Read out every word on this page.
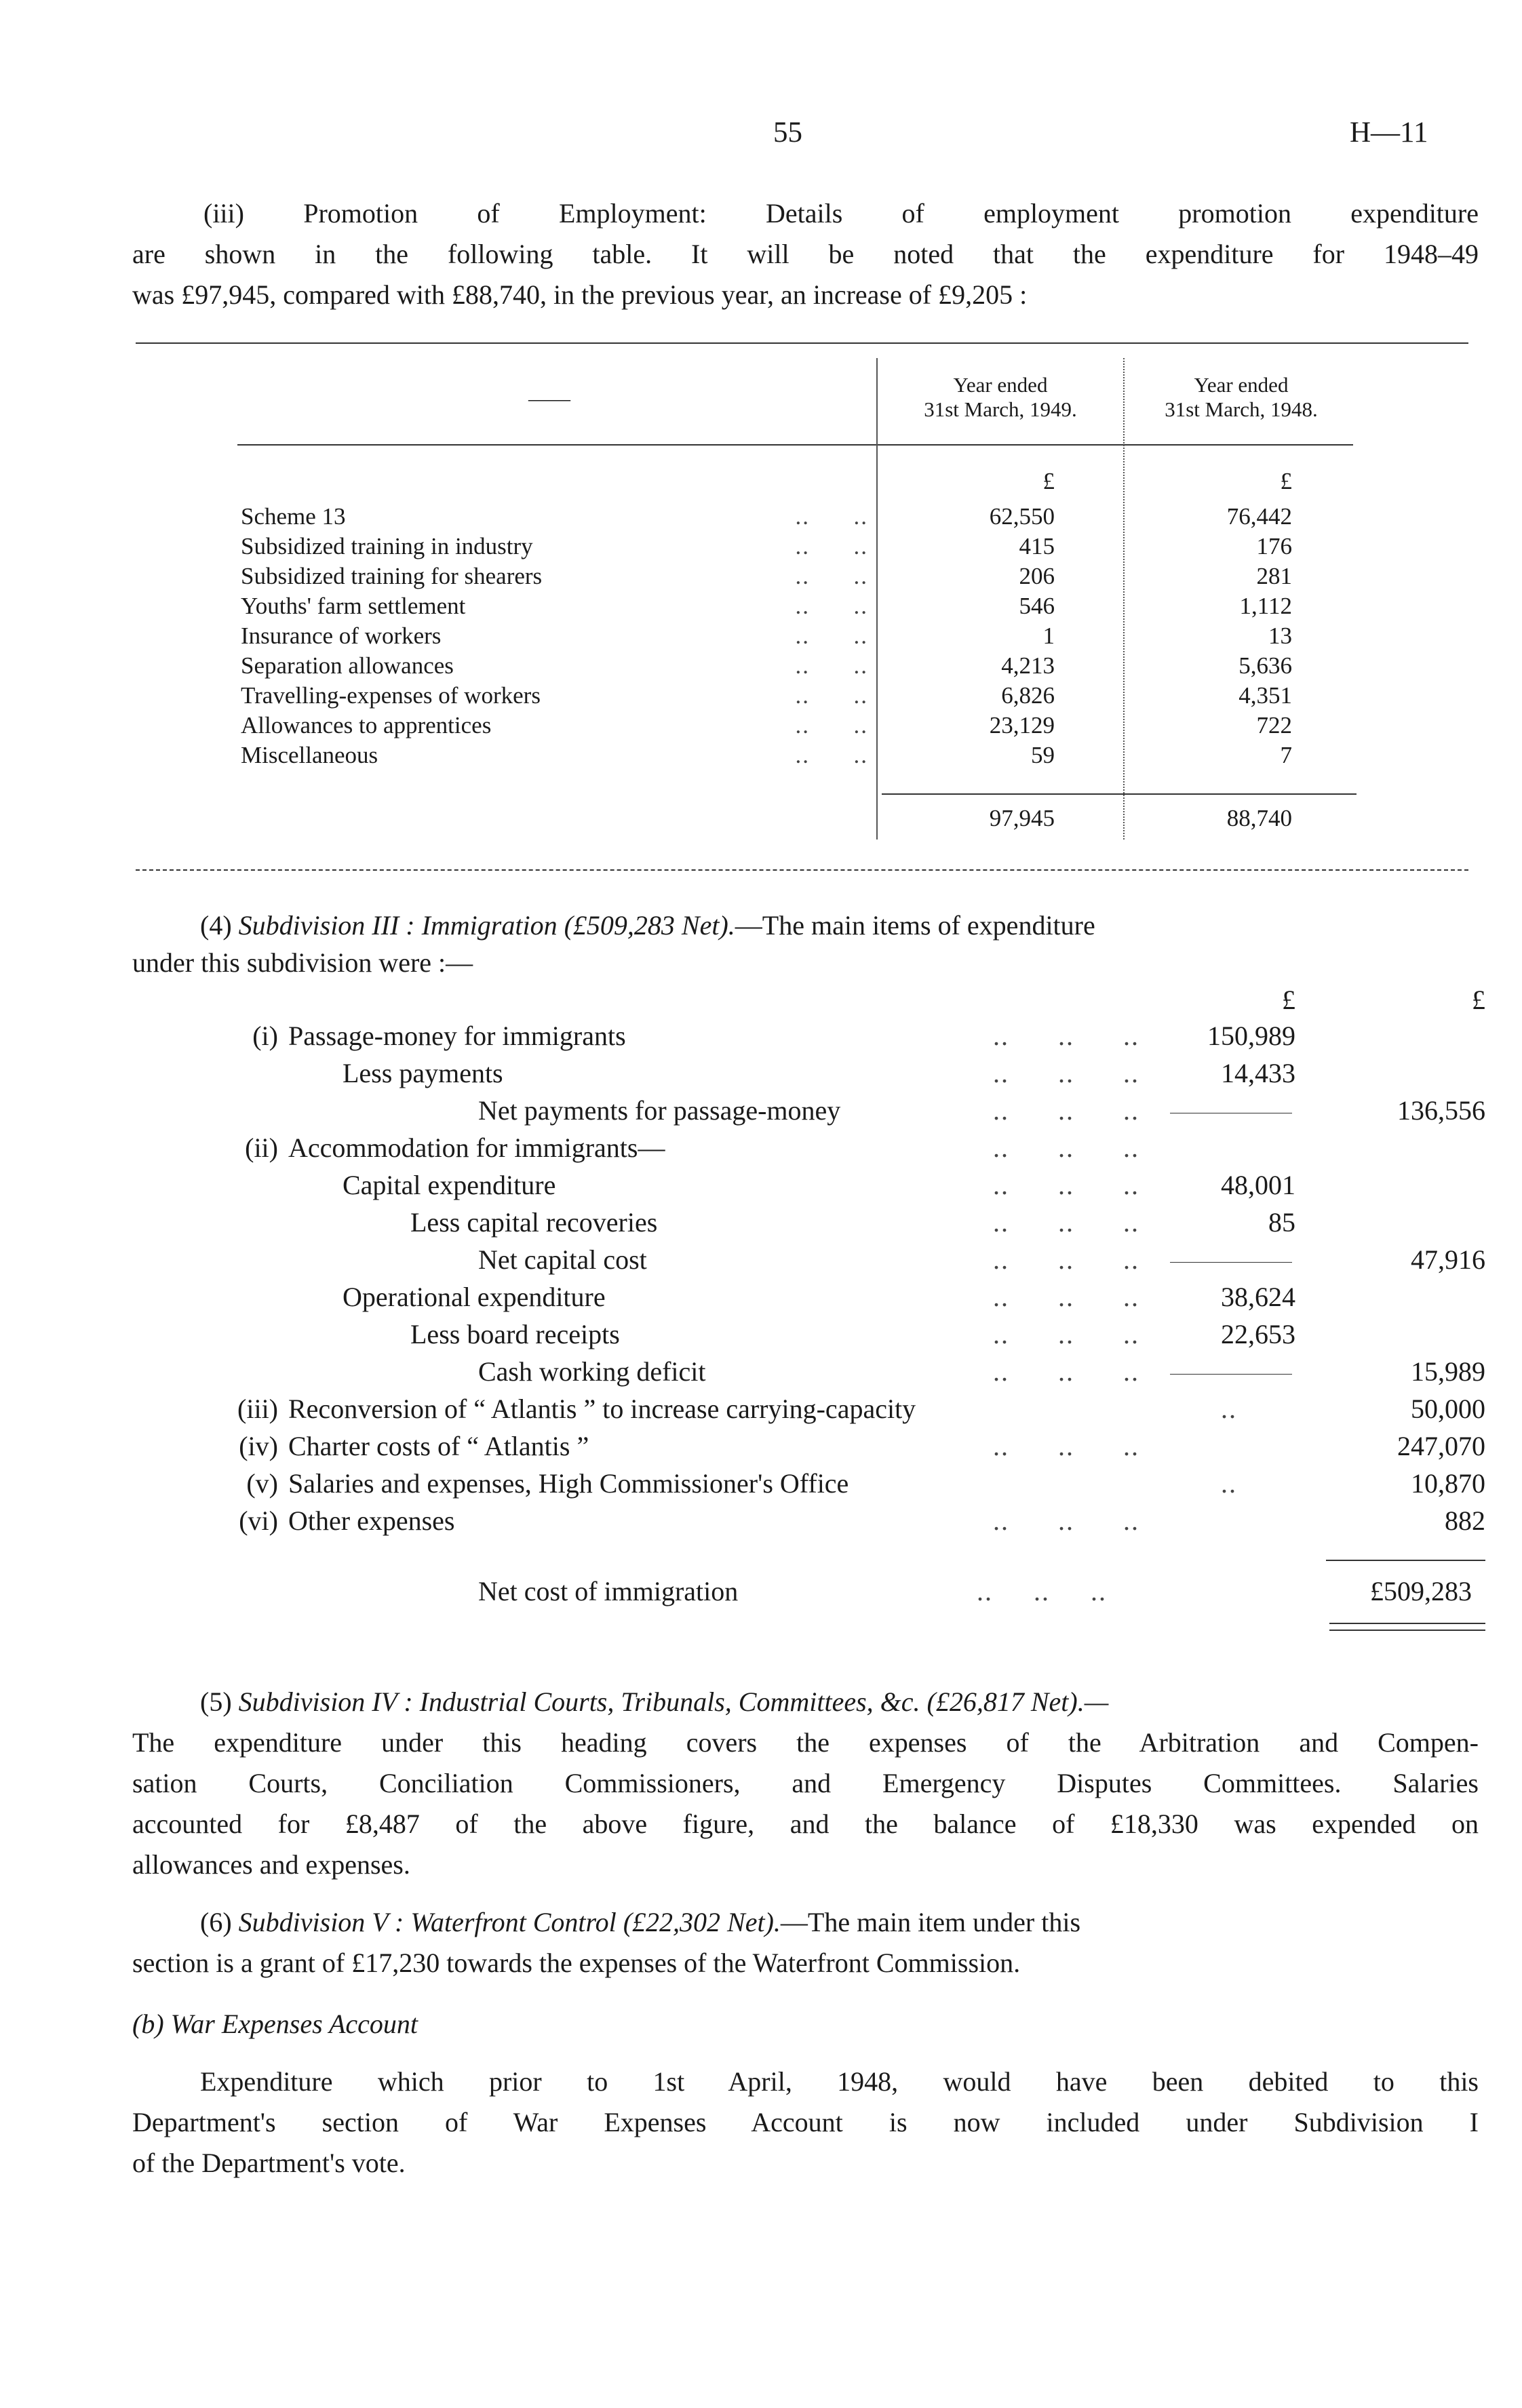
55	H—11
(iii) Promotion of Employment: Details of employment promotion expenditure
are shown in the following table. It will be noted that the expenditure for 1948–49
was £97,945, compared with £88,740, in the previous year, an increase of £9,205 :
——
Year ended
31st March, 1949.
Year ended
31st March, 1948.
£	£
Scheme 13	..      ..	62,550	76,442
Subsidized training in industry	..      ..	415	176
Subsidized training for shearers	..      ..	206	281
Youths' farm settlement	..      ..	546	1,112
Insurance of workers	..      ..	1	13
Separation allowances	..      ..	4,213	5,636
Travelling-expenses of workers	..      ..	6,826	4,351
Allowances to apprentices	..      ..	23,129	722
Miscellaneous	..      ..	59	7
97,945	88,740
(4) Subdivision III : Immigration (£509,283 Net).—The main items of expenditure
under this subdivision were :—
£	£
(i) Passage-money for immigrants	..      ..      ..	150,989
Less payments	..      ..      ..	14,433
Net payments for passage-money	..      ..      ..	136,556
(ii) Accommodation for immigrants—	..      ..      ..
Capital expenditure	..      ..      ..	48,001
Less capital recoveries	..      ..      ..	85
Net capital cost	..      ..      ..	47,916
Operational expenditure	..      ..      ..	38,624
Less board receipts	..      ..      ..	22,653
Cash working deficit	..      ..      ..	15,989
(iii) Reconversion of “ Atlantis ” to increase carrying-capacity	..	50,000
(iv) Charter costs of “ Atlantis ”	..      ..      ..	247,070
(v) Salaries and expenses, High Commissioner's Office	..	10,870
(vi) Other expenses	..      ..      ..	882
Net cost of immigration	..     ..     ..	£509,283
(5) Subdivision IV : Industrial Courts, Tribunals, Committees, &c. (£26,817 Net).—
The expenditure under this heading covers the expenses of the Arbitration and Compen-
sation Courts, Conciliation Commissioners, and Emergency Disputes Committees. Salaries
accounted for £8,487 of the above figure, and the balance of £18,330 was expended on
allowances and expenses.
(6) Subdivision V : Waterfront Control (£22,302 Net).—The main item under this
section is a grant of £17,230 towards the expenses of the Waterfront Commission.
(b) War Expenses Account
Expenditure which prior to 1st April, 1948, would have been debited to this
Department's section of War Expenses Account is now included under Subdivision I
of the Department's vote.
